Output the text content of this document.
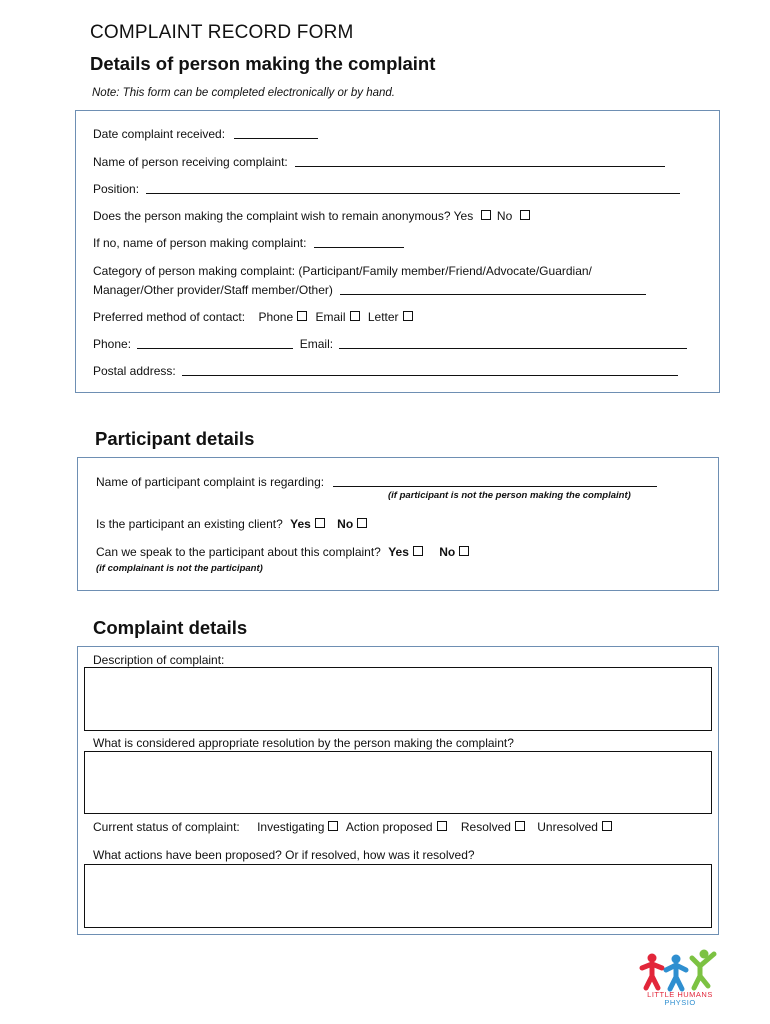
COMPLAINT RECORD FORM
Details of person making the complaint
Note: This form can be completed electronically or by hand.
Date complaint received:
Name of person receiving complaint:
Position:
Does the person making the complaint wish to remain anonymous? Yes No
If no, name of person making complaint:
Category of person making complaint: (Participant/Family member/Friend/Advocate/Guardian/
Manager/Other provider/Staff member/Other)
Preferred method of contact: Phone Email Letter
Phone:	Email:
Postal address:
Participant details
Name of participant complaint is regarding:
(if participant is not the person making the complaint)
Is the participant an existing client? Yes No
Can we speak to the participant about this complaint? Yes	No
(if complainant is not the participant)
Complaint details
Description of complaint:
What is considered appropriate resolution by the person making the complaint?
Current status of complaint: Investigating Action proposed Resolved Unresolved
What actions have been proposed? Or if resolved, how was it resolved?
LITTLE HUMANS
PHYSIO
